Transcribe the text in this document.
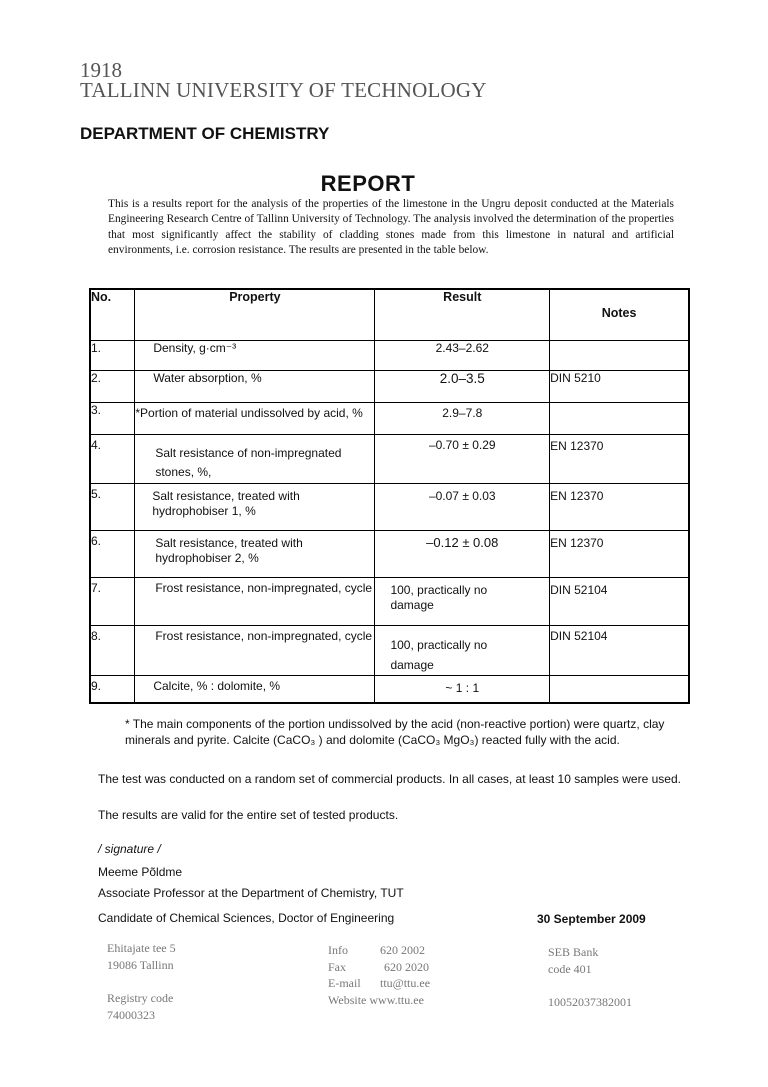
1918
TALLINN UNIVERSITY OF TECHNOLOGY
DEPARTMENT OF CHEMISTRY
REPORT
This is a results report for the analysis of the properties of the limestone in the Ungru deposit conducted at the Materials Engineering Research Centre of Tallinn University of Technology. The analysis involved the determination of the properties that most significantly affect the stability of cladding stones made from this limestone in natural and artificial environments, i.e. corrosion resistance. The results are presented in the table below.
No.	Property	Result	Notes
1.	Density, g·cm⁻³	2.43–2.62	
2.	Water absorption, %	2.0–3.5	DIN 5210
3.	*Portion of material undissolved by acid, %	2.9–7.8	
4.	Salt resistance of non-impregnated stones, %,	–0.70 ± 0.29	EN 12370
5.	Salt resistance, treated with hydrophobiser 1, %	–0.07 ± 0.03	EN 12370
6.	Salt resistance, treated with hydrophobiser 2, %	–0.12 ± 0.08	EN 12370
7.	Frost resistance, non-impregnated, cycle	100, practically no damage	DIN 52104
8.	Frost resistance, non-impregnated, cycle	100, practically no damage	DIN 52104
9.	Calcite, % : dolomite, %	~ 1 : 1	
* The main components of the portion undissolved by the acid (non-reactive portion) were quartz, clay minerals and pyrite. Calcite (CaCO₃ ) and dolomite (CaCO₃ MgO₃) reacted fully with the acid.
The test was conducted on a random set of commercial products. In all cases, at least 10 samples were used.
The results are valid for the entire set of tested products.
/ signature /
Meeme Põldme
Associate Professor at the Department of Chemistry, TUT
Candidate of Chemical Sciences, Doctor of Engineering	30 September 2009
Ehitajate tee 5
19086 Tallinn
Registry code
74000323
Info	620 2002
Fax	620 2020
E-mail	ttu@ttu.ee
Website
www.ttu.ee
SEB Bank
code 401
10052037382001
